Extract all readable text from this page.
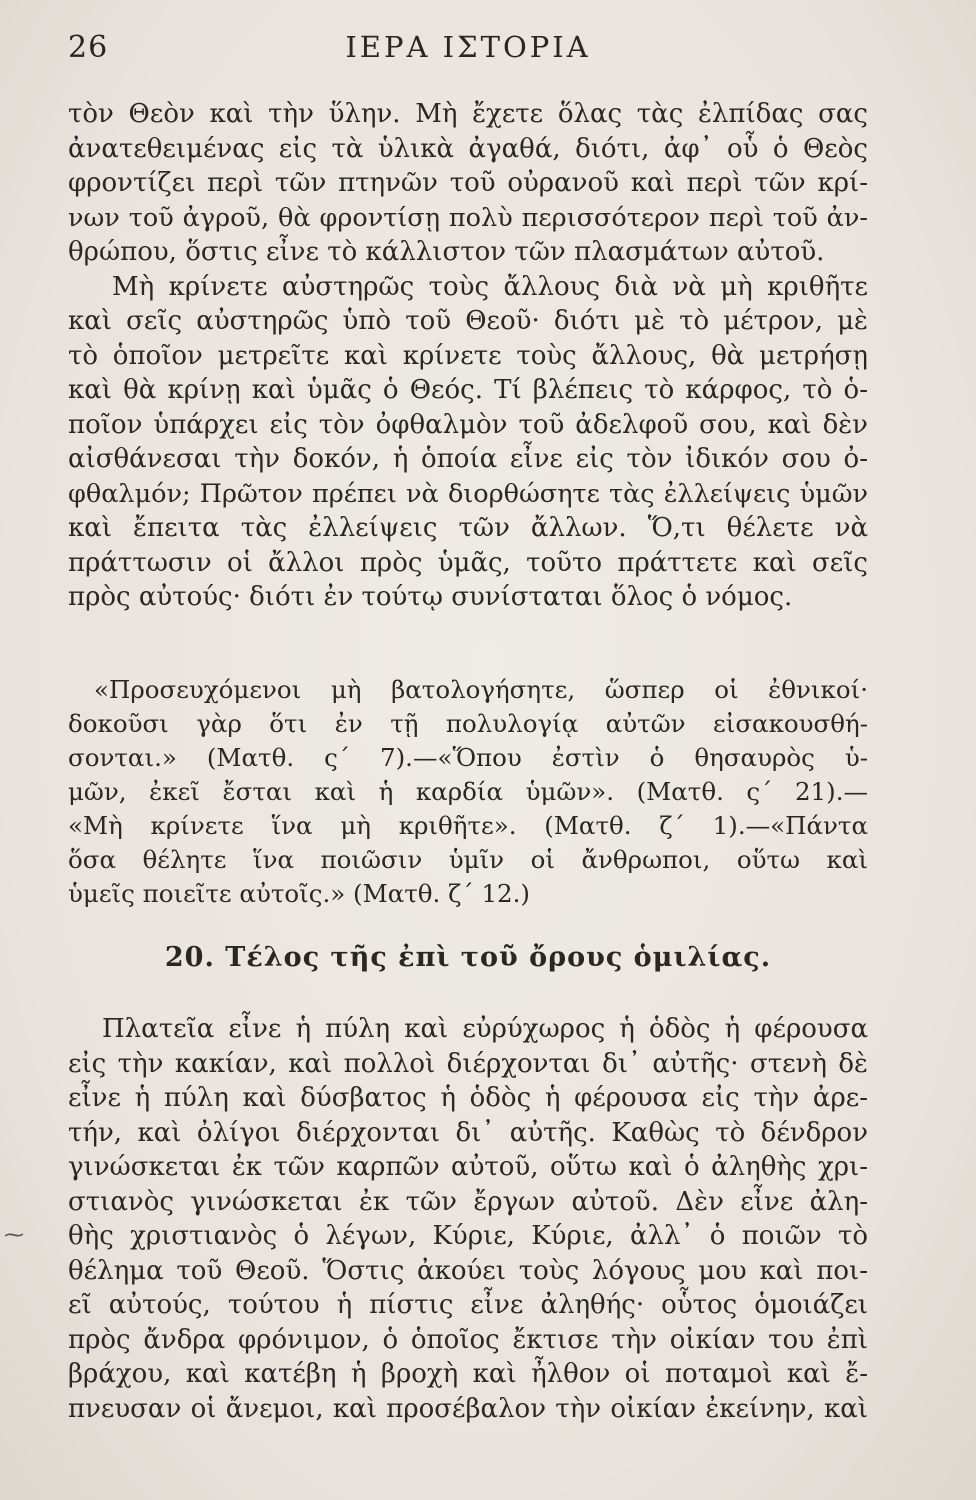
26	ΙΕΡΑ ΙΣΤΟΡΙΑ
τὸν Θεὸν καὶ τὴν ὕλην. Μὴ ἔχετε ὅλας τὰς ἐλπίδας σας
ἀνατεθειμένας εἰς τὰ ὑλικὰ ἀγαθά, διότι, ἀφ᾽ οὗ ὁ Θεὸς
φροντίζει περὶ τῶν πτηνῶν τοῦ οὐρανοῦ καὶ περὶ τῶν κρί-
νων τοῦ ἀγροῦ, θὰ φροντίσῃ πολὺ περισσότερον περὶ τοῦ ἀν-
θρώπου, ὅστις εἶνε τὸ κάλλιστον τῶν πλασμάτων αὐτοῦ.
Μὴ κρίνετε αὐστηρῶς τοὺς ἄλλους διὰ νὰ μὴ κριθῆτε
καὶ σεῖς αὐστηρῶς ὑπὸ τοῦ Θεοῦ· διότι μὲ τὸ μέτρον, μὲ
τὸ ὁποῖον μετρεῖτε καὶ κρίνετε τοὺς ἄλλους, θὰ μετρήσῃ
καὶ θὰ κρίνῃ καὶ ὑμᾶς ὁ Θεός. Τί βλέπεις τὸ κάρφος, τὸ ὁ-
ποῖον ὑπάρχει εἰς τὸν ὀφθαλμὸν τοῦ ἀδελφοῦ σου, καὶ δὲν
αἰσθάνεσαι τὴν δοκόν, ἡ ὁποία εἶνε εἰς τὸν ἰδικόν σου ὀ-
φθαλμόν; Πρῶτον πρέπει νὰ διορθώσητε τὰς ἐλλείψεις ὑμῶν
καὶ ἔπειτα τὰς ἐλλείψεις τῶν ἄλλων. Ὅ,τι θέλετε νὰ
πράττωσιν οἱ ἄλλοι πρὸς ὑμᾶς, τοῦτο πράττετε καὶ σεῖς
πρὸς αὐτούς· διότι ἐν τούτῳ συνίσταται ὅλος ὁ νόμος.
«Προσευχόμενοι μὴ βατολογήσητε, ὥσπερ οἱ ἐθνικοί·
δοκοῦσι γὰρ ὅτι ἐν τῇ πολυλογίᾳ αὐτῶν εἰσακουσθή-
σονται.» (Ματθ. ς´ 7).—«Ὅπου ἐστὶν ὁ θησαυρὸς ὑ-
μῶν, ἐκεῖ ἔσται καὶ ἡ καρδία ὑμῶν». (Ματθ. ς´ 21).—
«Μὴ κρίνετε ἵνα μὴ κριθῆτε». (Ματθ. ζ´ 1).—«Πάντα
ὅσα θέλητε ἵνα ποιῶσιν ὑμῖν οἱ ἄνθρωποι, οὕτω καὶ
ὑμεῖς ποιεῖτε αὐτοῖς.» (Ματθ. ζ´ 12.)
20. Τέλος τῆς ἐπὶ τοῦ ὄρους ὁμιλίας.
Πλατεῖα εἶνε ἡ πύλη καὶ εὐρύχωρος ἡ ὁδὸς ἡ φέρουσα
εἰς τὴν κακίαν, καὶ πολλοὶ διέρχονται δι᾽ αὐτῆς· στενὴ δὲ
εἶνε ἡ πύλη καὶ δύσβατος ἡ ὁδὸς ἡ φέρουσα εἰς τὴν ἀρε-
τήν, καὶ ὀλίγοι διέρχονται δι᾽ αὐτῆς. Καθὼς τὸ δένδρον
γινώσκεται ἐκ τῶν καρπῶν αὐτοῦ, οὕτω καὶ ὁ ἀληθὴς χρι-
στιανὸς γινώσκεται ἐκ τῶν ἔργων αὐτοῦ. Δὲν εἶνε ἀλη-
θὴς χριστιανὸς ὁ λέγων, Κύριε, Κύριε, ἀλλ᾽ ὁ ποιῶν τὸ
θέλημα τοῦ Θεοῦ. Ὅστις ἀκούει τοὺς λόγους μου καὶ ποι-
εῖ αὐτούς, τούτου ἡ πίστις εἶνε ἀληθής· οὗτος ὁμοιάζει
πρὸς ἄνδρα φρόνιμον, ὁ ὁποῖος ἔκτισε τὴν οἰκίαν του ἐπὶ
βράχου, καὶ κατέβη ἡ βροχὴ καὶ ἦλθον οἱ ποταμοὶ καὶ ἔ-
πνευσαν οἱ ἄνεμοι, καὶ προσέβαλον τὴν οἰκίαν ἐκείνην, καὶ
⁓
